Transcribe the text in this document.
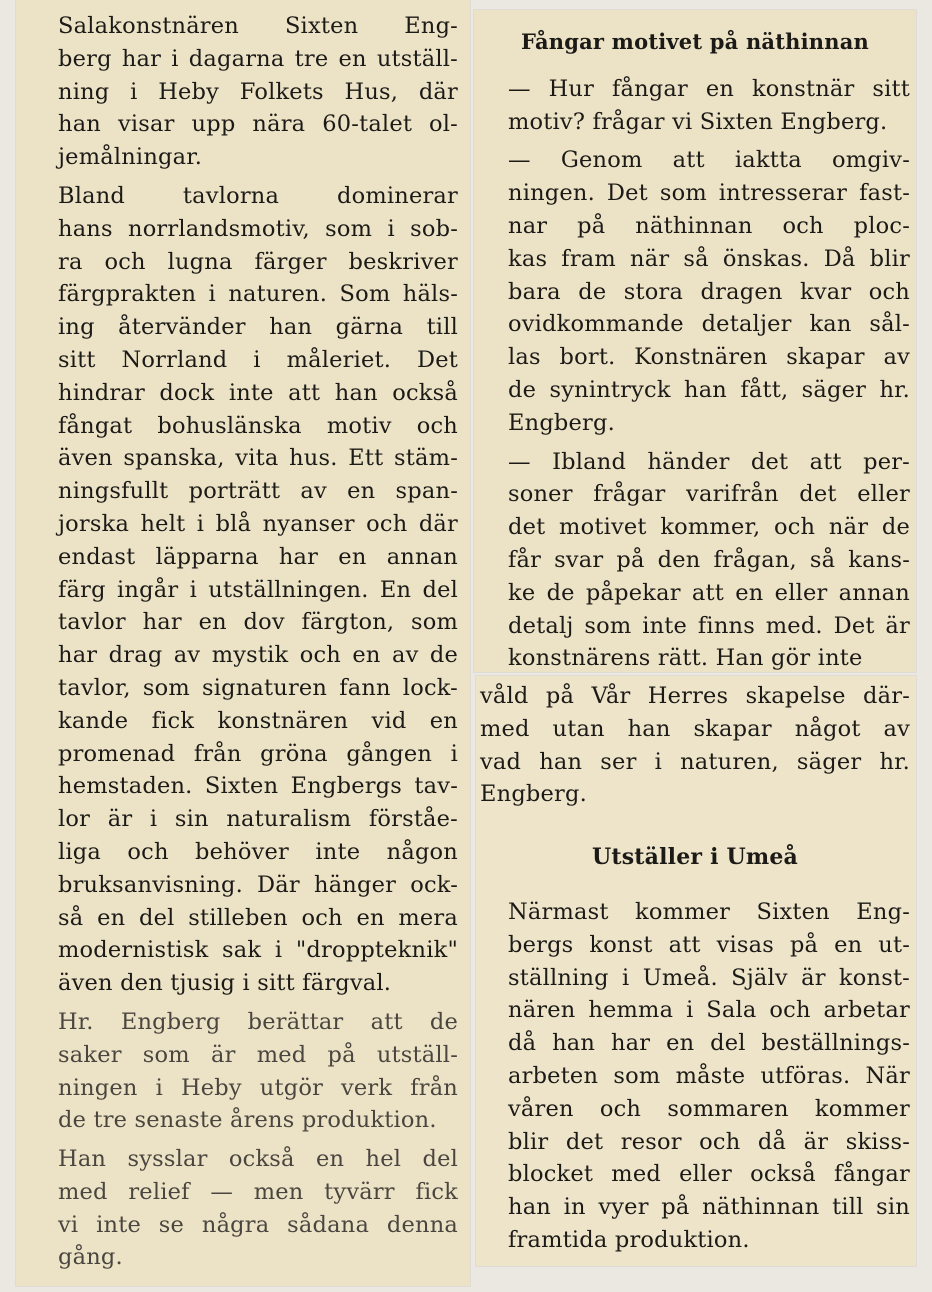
Salakonstnären Sixten Eng-
berg har i dagarna tre en utställ-
ning i Heby Folkets Hus, där
han visar upp nära 60-talet ol-
jemålningar.

Bland tavlorna dominerar
hans norrlandsmotiv, som i sob-
ra och lugna färger beskriver
färgprakten i naturen. Som häls-
ing återvänder han gärna till
sitt Norrland i måleriet. Det
hindrar dock inte att han också
fångat bohuslänska motiv och
även spanska, vita hus. Ett stäm-
ningsfullt porträtt av en span-
jorska helt i blå nyanser och där
endast läpparna har en annan
färg ingår i utställningen. En del
tavlor har en dov färgton, som
har drag av mystik och en av de
tavlor, som signaturen fann lock-
kande fick konstnären vid en
promenad från gröna gången i
hemstaden. Sixten Engbergs tav-
lor är i sin naturalism förståe-
liga och behöver inte någon
bruksanvisning. Där hänger ock-
så en del stilleben och en mera
modernistisk sak i "droppteknik"
även den tjusig i sitt färgval.

Hr. Engberg berättar att de
saker som är med på utställ-
ningen i Heby utgör verk från
de tre senaste årens produktion.

Han sysslar också en hel del
med relief — men tyvärr fick
vi inte se några sådana denna
gång.

Fångar motivet på näthinnan

— Hur fångar en konstnär sitt
motiv? frågar vi Sixten Engberg.

— Genom att iaktta omgiv-
ningen. Det som intresserar fast-
nar på näthinnan och ploc-
kas fram när så önskas. Då blir
bara de stora dragen kvar och
ovidkommande detaljer kan sål-
las bort. Konstnären skapar av
de synintryck han fått, säger hr.
Engberg.

— Ibland händer det att per-
soner frågar varifrån det eller
det motivet kommer, och när de
får svar på den frågan, så kans-
ke de påpekar att en eller annan
detalj som inte finns med. Det är
konstnärens rätt. Han gör inte

våld på Vår Herres skapelse där-
med utan han skapar något av
vad han ser i naturen, säger hr.
Engberg.

Utställer i Umeå

Närmast kommer Sixten Eng-
bergs konst att visas på en ut-
ställning i Umeå. Själv är konst-
nären hemma i Sala och arbetar
då han har en del beställnings-
arbeten som måste utföras. När
våren och sommaren kommer
blir det resor och då är skiss-
blocket med eller också fångar
han in vyer på näthinnan till sin
framtida produktion.
